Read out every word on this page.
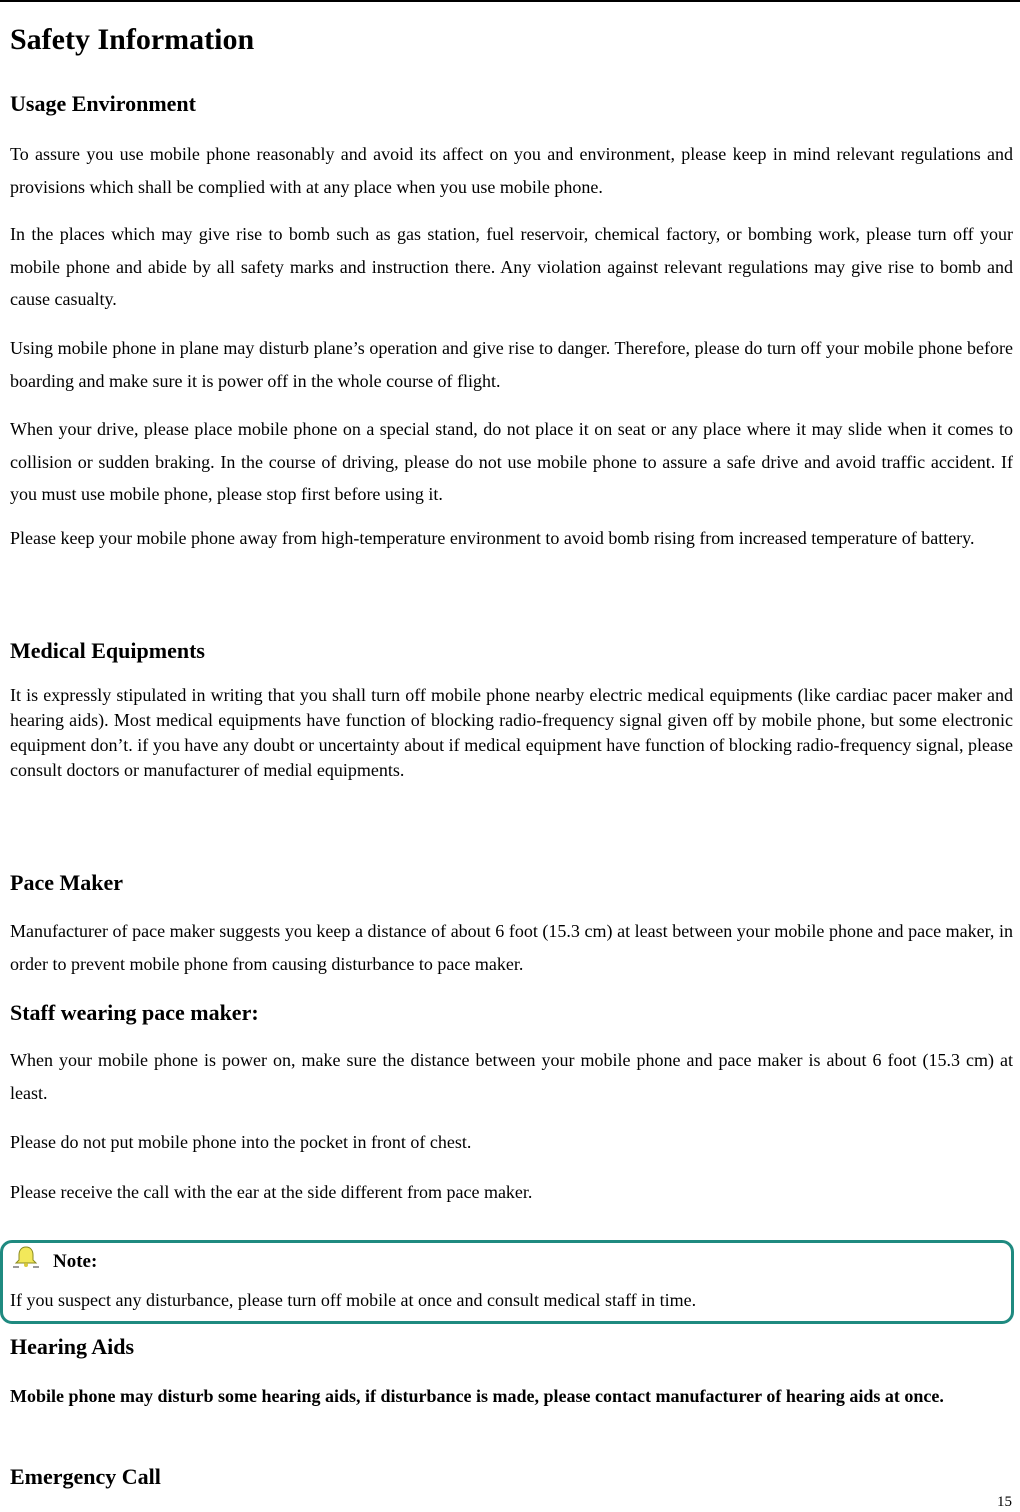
Safety Information
Usage Environment

To assure you use mobile phone reasonably and avoid its affect on you and environment, please keep in mind relevant regulations and provisions which shall be complied with at any place when you use mobile phone.

In the places which may give rise to bomb such as gas station, fuel reservoir, chemical factory, or bombing work, please turn off your mobile phone and abide by all safety marks and instruction there. Any violation against relevant regulations may give rise to bomb and cause casualty.

Using mobile phone in plane may disturb plane’s operation and give rise to danger. Therefore, please do turn off your mobile phone before boarding and make sure it is power off in the whole course of flight.

When your drive, please place mobile phone on a special stand, do not place it on seat or any place where it may slide when it comes to collision or sudden braking. In the course of driving, please do not use mobile phone to assure a safe drive and avoid traffic accident. If you must use mobile phone, please stop first before using it.

Please keep your mobile phone away from high-temperature environment to avoid bomb rising from increased temperature of battery.

Medical Equipments

It is expressly stipulated in writing that you shall turn off mobile phone nearby electric medical equipments (like cardiac pacer maker and hearing aids). Most medical equipments have function of blocking radio-frequency signal given off by mobile phone, but some electronic equipment don’t. if you have any doubt or uncertainty about if medical equipment have function of blocking radio-frequency signal, please consult doctors or manufacturer of medial equipments.

Pace Maker

Manufacturer of pace maker suggests you keep a distance of about 6 foot (15.3 cm) at least between your mobile phone and pace maker, in order to prevent mobile phone from causing disturbance to pace maker.

Staff wearing pace maker:

When your mobile phone is power on, make sure the distance between your mobile phone and pace maker is about 6 foot (15.3 cm) at least.

Please do not put mobile phone into the pocket in front of chest.

Please receive the call with the ear at the side different from pace maker.

Note:

If you suspect any disturbance, please turn off mobile at once and consult medical staff in time.

Hearing Aids

Mobile phone may disturb some hearing aids, if disturbance is made, please contact manufacturer of hearing aids at once.

Emergency Call
15
